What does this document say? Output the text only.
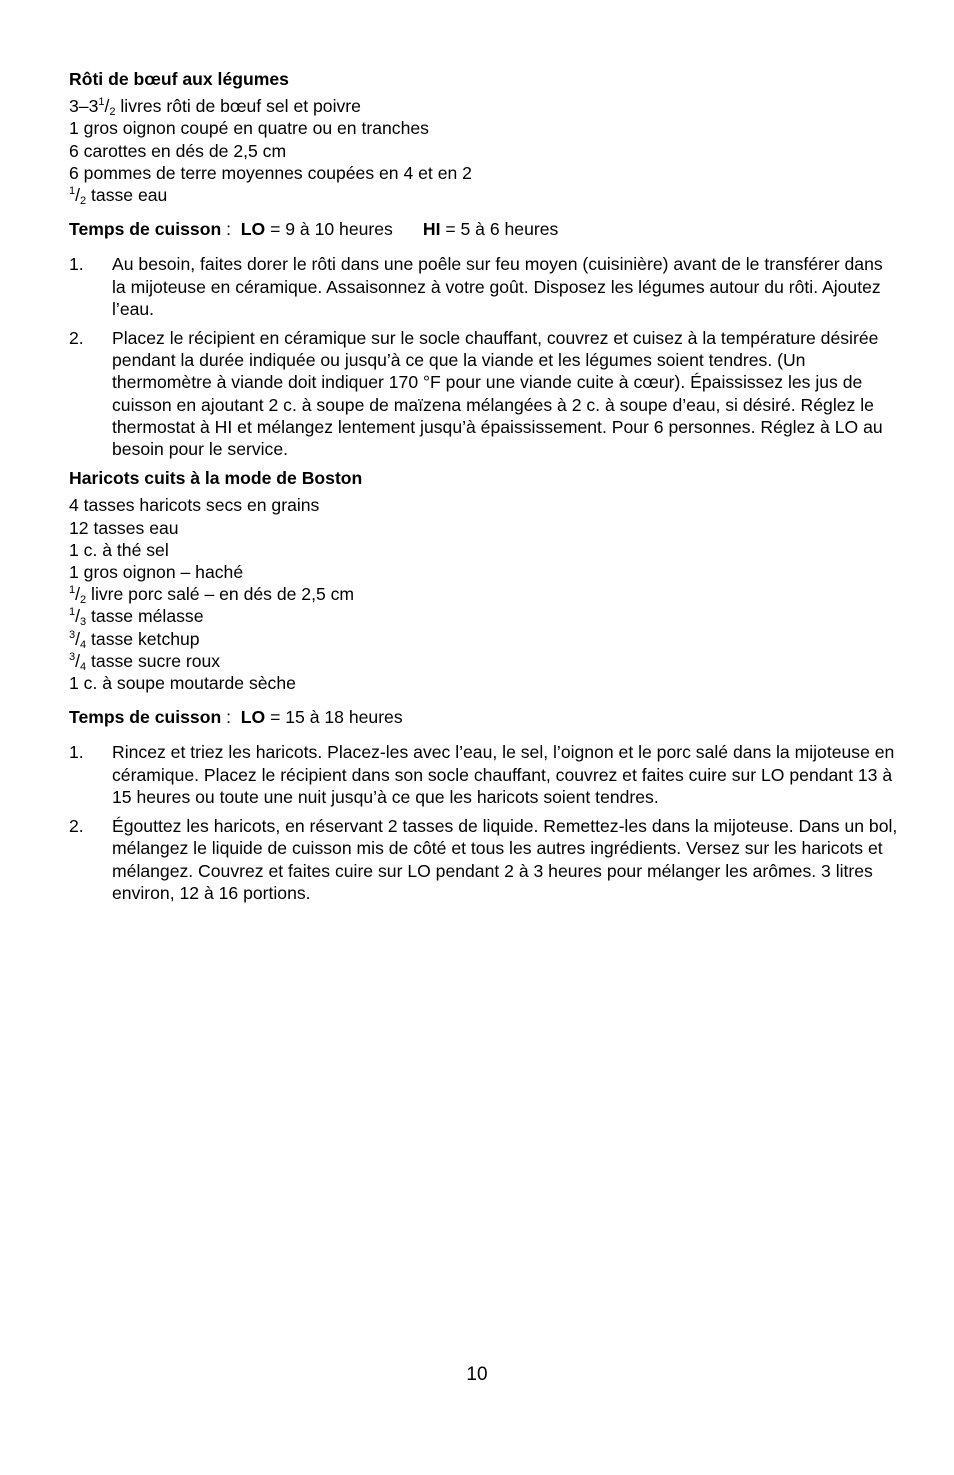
Rôti de bœuf aux légumes
$3-3^1/_2$ livres rôti de bœuf sel et poivre
1 gros oignon coupé en quatre ou en tranches
6 carottes en dés de 2,5 cm
6 pommes de terre moyennes coupées en 4 et en 2
$^1/_2$ tasse eau
Temps de cuisson :  LO = 9 à 10 heures HI = 5 à 6 heures
1. Au besoin, faites dorer le rôti dans une poêle sur feu moyen (cuisinière) avant de le transférer dans la mijoteuse en céramique. Assaisonnez à votre goût. Disposez les légumes autour du rôti. Ajoutez l’eau.
2. Placez le récipient en céramique sur le socle chauffant, couvrez et cuisez à la température désirée pendant la durée indiquée ou jusqu’à ce que la viande et les légumes soient tendres. (Un thermomètre à viande doit indiquer 170 °F pour une viande cuite à cœur). Épaississez les jus de cuisson en ajoutant 2 c. à soupe de maïzena mélangées à 2 c. à soupe d’eau, si désiré. Réglez le thermostat à HI et mélangez lentement jusqu’à épaississement. Pour 6 personnes. Réglez à LO au besoin pour le service.
Haricots cuits à la mode de Boston
4 tasses haricots secs en grains
12 tasses eau
1 c. à thé sel
1 gros oignon – haché
$^1/_2$ livre porc salé – en dés de 2,5 cm
$^1/_3$ tasse mélasse
$^3/_4$ tasse ketchup
$^3/_4$ tasse sucre roux
1 c. à soupe moutarde sèche
Temps de cuisson :  LO = 15 à 18 heures
1. Rincez et triez les haricots. Placez-les avec l’eau, le sel, l’oignon et le porc salé dans la mijoteuse en céramique. Placez le récipient dans son socle chauffant, couvrez et faites cuire sur LO pendant 13 à 15 heures ou toute une nuit jusqu’à ce que les haricots soient tendres.
2. Égouttez les haricots, en réservant 2 tasses de liquide. Remettez-les dans la mijoteuse. Dans un bol, mélangez le liquide de cuisson mis de côté et tous les autres ingrédients. Versez sur les haricots et mélangez. Couvrez et faites cuire sur LO pendant 2 à 3 heures pour mélanger les arômes. 3 litres environ, 12 à 16 portions.
10
